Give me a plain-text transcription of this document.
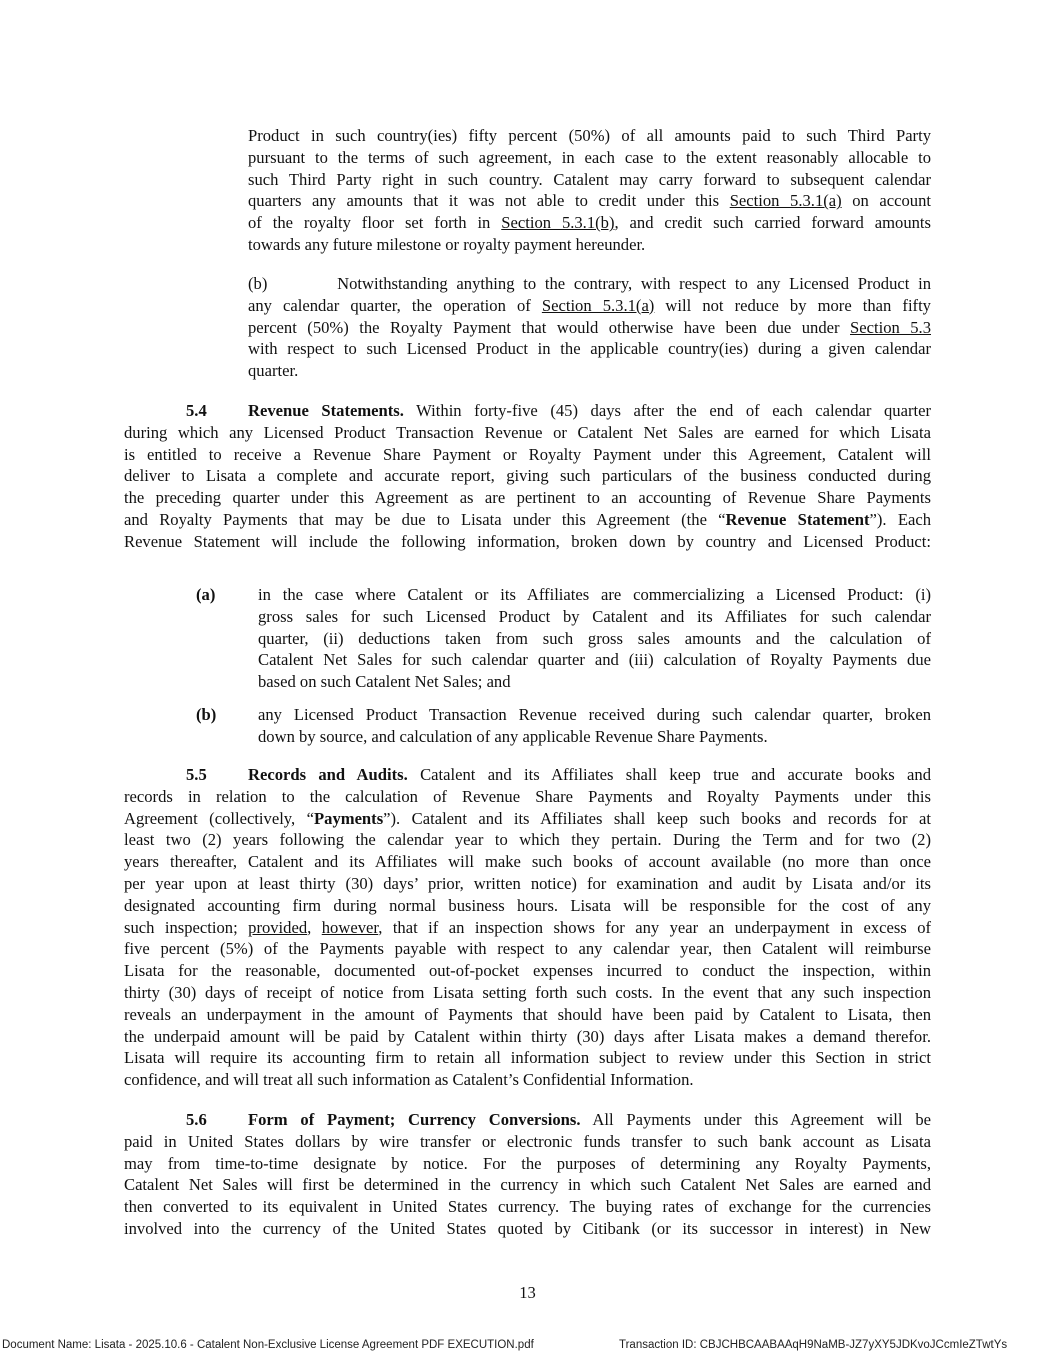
Product in such country(ies) fifty percent (50%) of all amounts paid to such Third Party
pursuant to the terms of such agreement, in each case to the extent reasonably allocable to
such Third Party right in such country. Catalent may carry forward to subsequent calendar
quarters any amounts that it was not able to credit under this Section 5.3.1(a) on account
of the royalty floor set forth in Section 5.3.1(b), and credit such carried forward amounts
towards any future milestone or royalty payment hereunder.
(b)        Notwithstanding anything to the contrary, with respect to any Licensed Product in
any calendar quarter, the operation of Section 5.3.1(a) will not reduce by more than fifty
percent (50%) the Royalty Payment that would otherwise have been due under Section 5.3
with respect to such Licensed Product in the applicable country(ies) during a given calendar
quarter.
5.4 Revenue Statements. Within forty-five (45) days after the end of each calendar quarter
during which any Licensed Product Transaction Revenue or Catalent Net Sales are earned for which Lisata
is entitled to receive a Revenue Share Payment or Royalty Payment under this Agreement, Catalent will
deliver to Lisata a complete and accurate report, giving such particulars of the business conducted during
the preceding quarter under this Agreement as are pertinent to an accounting of Revenue Share Payments
and Royalty Payments that may be due to Lisata under this Agreement (the “Revenue Statement”). Each
Revenue Statement will include the following information, broken down by country and Licensed Product:
(a)	in the case where Catalent or its Affiliates are commercializing a Licensed Product: (i)
gross sales for such Licensed Product by Catalent and its Affiliates for such calendar
quarter, (ii) deductions taken from such gross sales amounts and the calculation of
Catalent Net Sales for such calendar quarter and (iii) calculation of Royalty Payments due
based on such Catalent Net Sales; and
(b)	any Licensed Product Transaction Revenue received during such calendar quarter, broken
down by source, and calculation of any applicable Revenue Share Payments.
5.5 Records and Audits. Catalent and its Affiliates shall keep true and accurate books and
records in relation to the calculation of Revenue Share Payments and Royalty Payments under this
Agreement (collectively, “Payments”). Catalent and its Affiliates shall keep such books and records for at
least two (2) years following the calendar year to which they pertain. During the Term and for two (2)
years thereafter, Catalent and its Affiliates will make such books of account available (no more than once
per year upon at least thirty (30) days’ prior, written notice) for examination and audit by Lisata and/or its
designated accounting firm during normal business hours. Lisata will be responsible for the cost of any
such inspection; provided, however, that if an inspection shows for any year an underpayment in excess of
five percent (5%) of the Payments payable with respect to any calendar year, then Catalent will reimburse
Lisata for the reasonable, documented out-of-pocket expenses incurred to conduct the inspection, within
thirty (30) days of receipt of notice from Lisata setting forth such costs. In the event that any such inspection
reveals an underpayment in the amount of Payments that should have been paid by Catalent to Lisata, then
the underpaid amount will be paid by Catalent within thirty (30) days after Lisata makes a demand therefor.
Lisata will require its accounting firm to retain all information subject to review under this Section in strict
confidence, and will treat all such information as Catalent’s Confidential Information.
5.6 Form of Payment; Currency Conversions. All Payments under this Agreement will be
paid in United States dollars by wire transfer or electronic funds transfer to such bank account as Lisata
may from time-to-time designate by notice. For the purposes of determining any Royalty Payments,
Catalent Net Sales will first be determined in the currency in which such Catalent Net Sales are earned and
then converted to its equivalent in United States currency. The buying rates of exchange for the currencies
involved into the currency of the United States quoted by Citibank (or its successor in interest) in New
13
Document Name: Lisata - 2025.10.6 - Catalent Non-Exclusive License Agreement PDF EXECUTION.pdf	Transaction ID: CBJCHBCAABAAqH9NaMB-JZ7yXY5JDKvoJCcmIeZTwtYs
